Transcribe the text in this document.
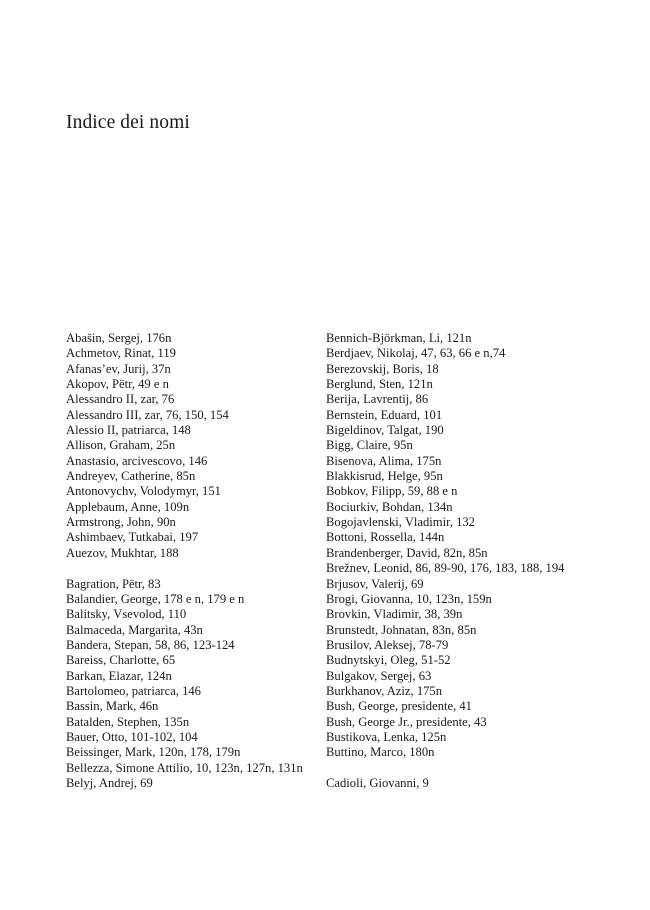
Indice dei nomi
Abašin, Sergej, 176n
Achmetov, Rinat, 119
Afanas’ev, Jurij, 37n
Akopov, Pëtr, 49 e n
Alessandro II, zar, 76
Alessandro III, zar, 76, 150, 154
Alessio II, patriarca, 148
Allison, Graham, 25n
Anastasio, arcivescovo, 146
Andreyev, Catherine, 85n
Antonovychv, Volodymyr, 151
Applebaum, Anne, 109n
Armstrong, John, 90n
Ashimbaev, Tutkabai, 197
Auezov, Mukhtar, 188
Bagration, Pëtr, 83
Balandier, George, 178 e n, 179 e n
Balitsky, Vsevolod, 110
Balmaceda, Margarita, 43n
Bandera, Stepan, 58, 86, 123-124
Bareiss, Charlotte, 65
Barkan, Elazar, 124n
Bartolomeo, patriarca, 146
Bassin, Mark, 46n
Batalden, Stephen, 135n
Bauer, Otto, 101-102, 104
Beissinger, Mark, 120n, 178, 179n
Bellezza, Simone Attilio, 10, 123n, 127n, 131n
Belyj, Andrej, 69
Bennich-Björkman, Li, 121n
Berdjaev, Nikolaj, 47, 63, 66 e n,74
Berezovskij, Boris, 18
Berglund, Sten, 121n
Berija, Lavrentij, 86
Bernstein, Eduard, 101
Bigeldinov, Talgat, 190
Bigg, Claire, 95n
Bisenova, Alima, 175n
Blakkisrud, Helge, 95n
Bobkov, Filipp, 59, 88 e n
Bociurkiv, Bohdan, 134n
Bogojavlenski, Vladimir, 132
Bottoni, Rossella, 144n
Brandenberger, David, 82n, 85n
Brežnev, Leonid, 86, 89-90, 176, 183, 188, 194
Brjusov, Valerij, 69
Brogi, Giovanna, 10, 123n, 159n
Brovkin, Vladimir, 38, 39n
Brunstedt, Johnatan, 83n, 85n
Brusilov, Aleksej, 78-79
Budnytskyi, Oleg, 51-52
Bulgakov, Sergej, 63
Burkhanov, Aziz, 175n
Bush, George, presidente, 41
Bush, George Jr., presidente, 43
Bustikova, Lenka, 125n
Buttino, Marco, 180n
Cadioli, Giovanni, 9
